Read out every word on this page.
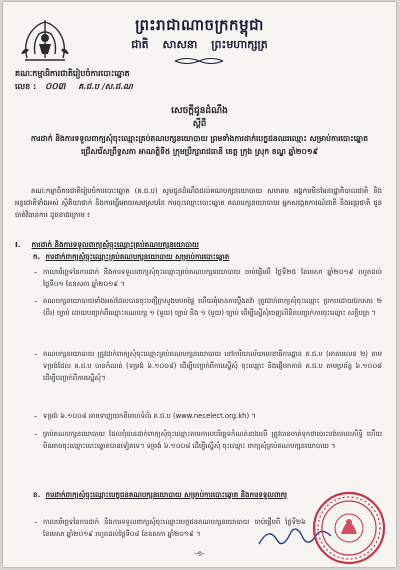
ព្រះរាជាណាចក្រកម្ពុជា
ជាតិ សាសនា ព្រះមហាក្សត្រ
គណៈកម្មាធិការជាតិរៀបចំការបោះឆ្នោត
លេខ : ០០៣ គ.ជ.ប /ស.ជ.ណ
សេចក្តីជូនដំណឹង
ស្តីពី
ការដាក់ និងការទទួលពាក្យសុំចុះឈ្មោះគ្រប់គណបក្សនយោបាយ ព្រមទាំងការដាក់បេក្ខជនឈរឈ្មោះ សម្រាប់ការបោះឆ្នោតជ្រើសរើសព្រឹទ្ធសភា អាណត្តិទី៥ ក្រុមប្រឹក្សារាជធានី ខេត្ត ក្រុង ស្រុក ខណ្ឌ ឆ្នាំ២០១៩
គណៈកម្មាធិការជាតិរៀបចំការបោះឆ្នោត (គ.ជ.ប) សូមជូនដំណឹងដល់គណបក្សនយោបាយ សមាគម អង្គការមិនមែនរដ្ឋាភិបាលជាតិ និងអន្តរជាតិទាំងអស់ ស្ថិតិយាជាក់ និងការធ្វើអោយសមស្របនៃ ការចុះឈ្មោះបោះឆ្នោត គណបក្សនយោបាយ អ្នកសង្កេតការណ៍ជាតិ និងអន្តរជាតិ ជូនចាត់វិធានការ ដូចខាងក្រោម ៖
I. ការដាក់ និងការទទួលពាក្យសុំចុះឈ្មោះគ្រប់គណបក្សនយោបាយ
ក. ការដាក់ពាក្យសុំចុះឈ្មោះគ្រប់គណបក្សនយោបាយ សម្រាប់ការបោះឆ្នោត
– កាលបរិច្ឆេទនៃការដាក់ និងការទទួលពាក្យសុំចុះឈ្មោះគ្រប់គណបក្សនយោបាយ ចាប់ផ្តើមពី ថ្ងៃទី២៥ ខែមេសា ឆ្នាំ២០១៩ រហូតដល់ថ្ងៃទី០១ ខែឧសភា ឆ្នាំ២០១៩ ។
– គណបក្សនយោបាយទាំងអស់ដែលបានចុះបញ្ជីក្រសួងមហាផ្ទៃ ហើយពុំមានការប្តឹងតវ៉ា ត្រូវដាក់ពាក្យសុំចុះឈ្មោះ ប្រកបដោយឯកសារ ២ (ពីរ) ច្បាប់ ដោយបញ្ជាក់ពីឈ្មោះគណបក្ស ១ (មួយ) ច្បាប់ និង ១ (មួយ) ច្បាប់ ដើម្បីស្នើសុំចេញលិខិតបញ្ជាក់ការចុះឈ្មោះ សក្តិបត្រ ។
– គណបក្សនយោបាយ ត្រូវដាក់ពាក្យសុំចុះឈ្មោះគ្រប់គណបក្សនយោបាយ នៅការិយាល័យលេខាធិការដ្ឋាន គ.ជ.ប (អាគារលេខ ២) តាមទម្រង់ដែល គ.ជ.ប បានកំណត់ (ទម្រង់ ៦.១០០៨) ដើម្បីបញ្ជាក់ពីការស្នើសុំ ចុះឈ្មោះ និងផ្ញើមកកាន់ គ.ជ.ប តាមប្រព័ន្ធ ៦.១០០៨ ដើម្បីបញ្ជាក់ពីការស្នើសុំ។
– ទម្រង់ ៦.១០០៨ អាចទាញយកពីគេហទំព័រ គ.ជ.ប (www.necelect.org.kh) ។
– គ្រប់គណបក្សនយោបាយ ដែលពុំបានដាក់ពាក្យសុំចុះឈ្មោះតាមកាលបរិច្ឆេទកំណត់ខាងលើ ត្រូវបានចាត់ទុកថាបោះបង់ចោលសិទ្ធិ ហើយមិនអាចចុះឈ្មោះបោះឆ្នោតបានទៀតទេ។ ទម្រង់ ៦.១០០៨ ដើម្បីស្នើសុំ ចុះឈ្មោះ ពាក្យសុំគ្រប់គណបក្សនយោបាយ ។
ខ. ការដាក់ពាក្យសុំចុះឈ្មោះបេក្ខជនគណបក្សនយោបាយ សម្រាប់ការបោះឆ្នោត និងការទទួលពាក្យ
– កាលបរិច្ឆេទនៃការដាក់ និងការទទួលពាក្យសុំចុះឈ្មោះបេក្ខជនគណបក្សនយោបាយ ចាប់ផ្តើមពី ថ្ងៃទី២៦ ខែមេសា ឆ្នាំ២០១៩ រហូតដល់ថ្ងៃទី០៨ ខែឧសភា ឆ្នាំ២០១៩ ។
-១-
